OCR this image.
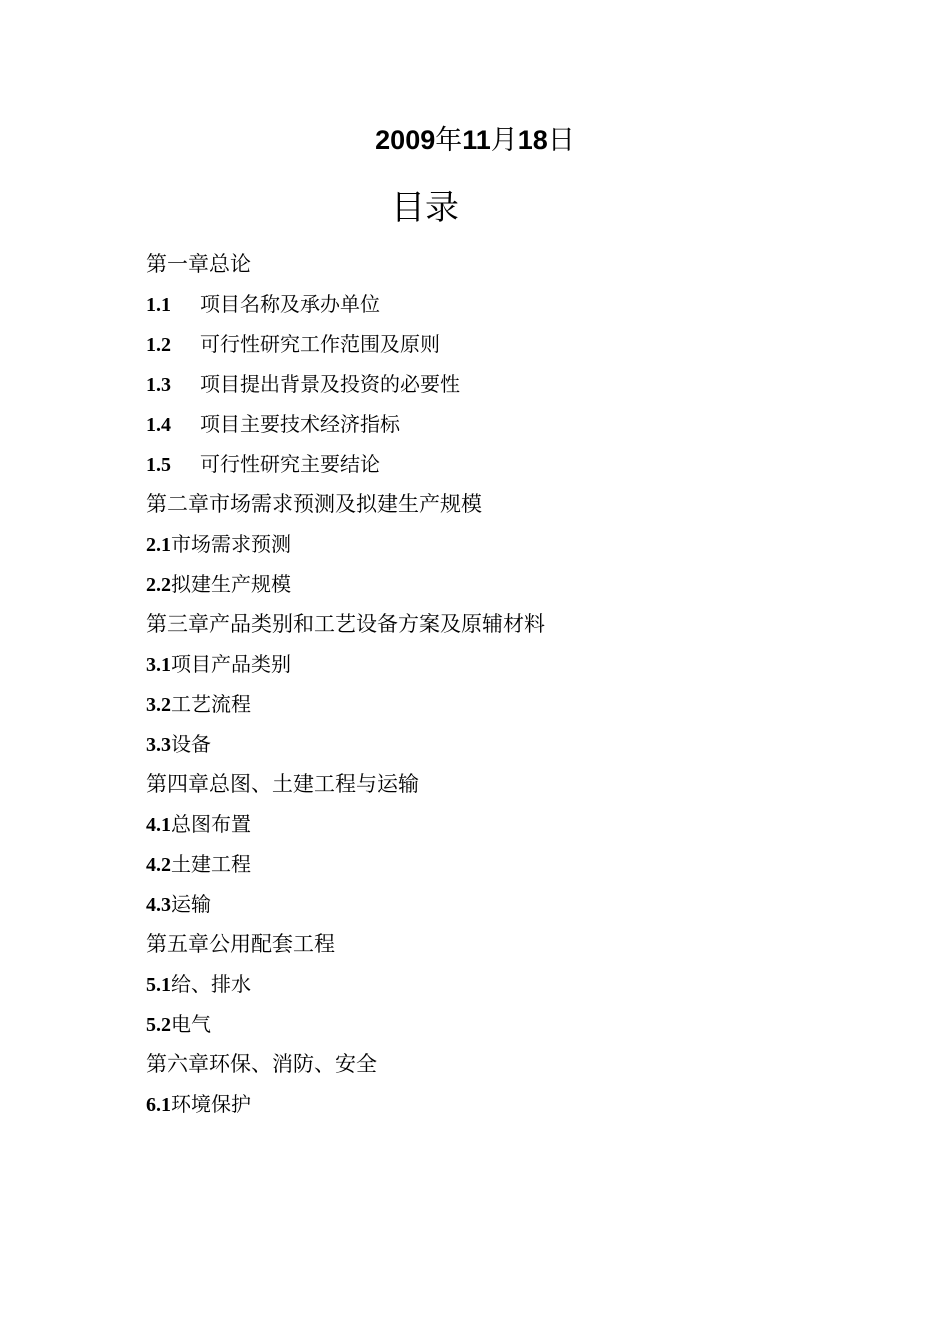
2009年11月18日
目录
第一章总论
1.1 项目名称及承办单位
1.2 可行性研究工作范围及原则
1.3 项目提出背景及投资的必要性
1.4 项目主要技术经济指标
1.5 可行性研究主要结论
第二章市场需求预测及拟建生产规模
2.1市场需求预测
2.2拟建生产规模
第三章产品类别和工艺设备方案及原辅材料
3.1项目产品类别
3.2工艺流程
3.3设备
第四章总图、土建工程与运输
4.1总图布置
4.2土建工程
4.3运输
第五章公用配套工程
5.1给、排水
5.2电气
第六章环保、消防、安全
6.1环境保护
